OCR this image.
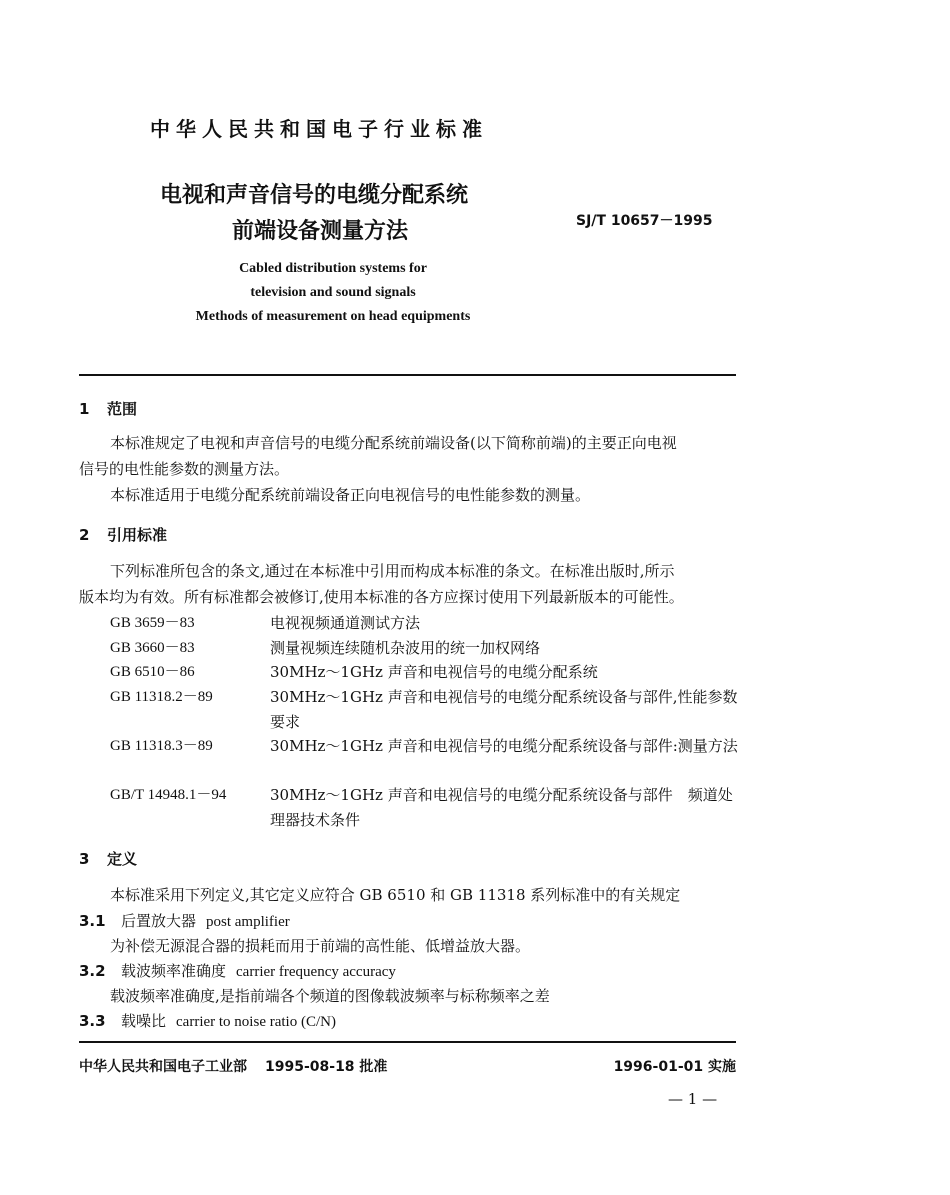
中华人民共和国电子行业标准
电视和声音信号的电缆分配系统
前端设备测量方法	SJ/T 10657－1995
Cabled distribution systems for
television and sound signals
Methods of measurement on head equipments
1 范围
本标准规定了电视和声音信号的电缆分配系统前端设备(以下简称前端)的主要正向电视
信号的电性能参数的测量方法。
本标准适用于电缆分配系统前端设备正向电视信号的电性能参数的测量。
2 引用标准
下列标准所包含的条文,通过在本标准中引用而构成本标准的条文。在标准出版时,所示
版本均为有效。所有标准都会被修订,使用本标准的各方应探讨使用下列最新版本的可能性。
GB 3659－83	电视视频通道测试方法
GB 3660－83	测量视频连续随机杂波用的统一加权网络
GB 6510－86	30MHz～1GHz 声音和电视信号的电缆分配系统
GB 11318.2－89	30MHz～1GHz 声音和电视信号的电缆分配系统设备与部件,性能参数要求
GB 11318.3－89	30MHz～1GHz 声音和电视信号的电缆分配系统设备与部件:测量方法
GB/T 14948.1－94	30MHz～1GHz 声音和电视信号的电缆分配系统设备与部件　频道处理器技术条件
3 定义
本标准采用下列定义,其它定义应符合 GB 6510 和 GB 11318 系列标准中的有关规定
3.1 后置放大器 post amplifier
为补偿无源混合器的损耗而用于前端的高性能、低增益放大器。
3.2 载波频率准确度 carrier frequency accuracy
载波频率准确度,是指前端各个频道的图像载波频率与标称频率之差
3.3 载噪比 carrier to noise ratio (C/N)
中华人民共和国电子工业部 1995-08-18 批准	1996-01-01 实施
— 1 —
